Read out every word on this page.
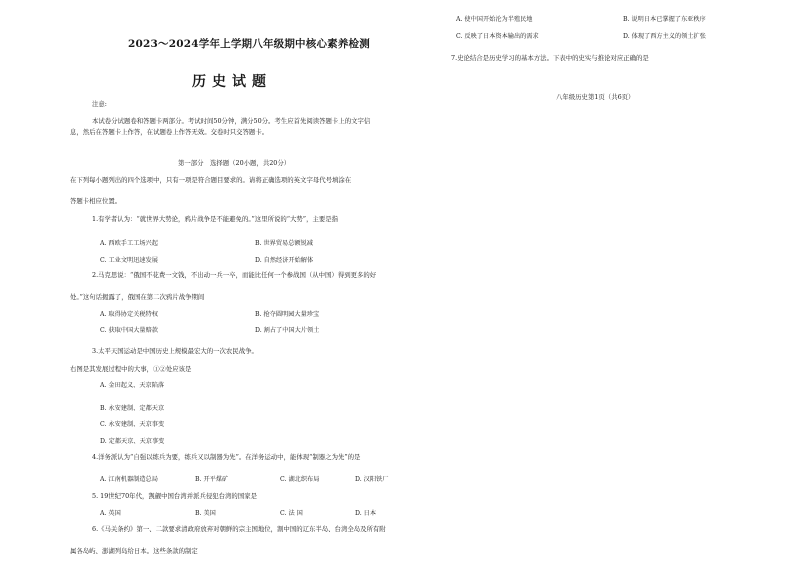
2023～2024学年上学期八年级期中核心素养检测
历史试题
注意:
本试卷分试题卷和答题卡两部分。考试时间50分钟，满分50分。考生应首先阅读答题卡上的文字信
息，然后在答题卡上作答，在试题卷上作答无效。交卷时只交答题卡。
第一部分　选择题（20小题，共20分）
在下列每小题列出的四个选项中，只有一项是符合题目要求的。请将正确选项的英文字母代号填涂在
答题卡相应位置。
1.有学者认为：“就世界大势论，鸦片战争是不能避免的。”这里所说的“大势”，主要是指
A. 西欧手工工场兴起	B. 世界贸易总额锐减
C. 工业文明迅速发展	D. 自然经济开始解体
2.马克思说：“俄国不花费一文钱，不出动一兵一卒，而能比任何一个参战国（从中国）得到更多的好
处。”这句话揭露了，俄国在第二次鸦片战争期间
A. 取得协定关税特权	B. 抢夺圆明园大量珍宝
C. 获取中国大量赔款	D. 割占了中国大片领土
3.太平天国运动是中国历史上规模最宏大的一次农民战争。
右图是其发展过程中的大事，①②处应该是
A. 金田起义、天京陷落
B. 永安建制、定都天京
C. 永安建制、天京事变
D. 定都天京、天京事变
4.洋务派认为“自强以练兵为要，练兵又以制器为先”。在洋务运动中，能体现“制器之为先”的是
A. 江南机器制造总局	B. 开平煤矿	C. 湖北织布局	D. 汉阳铁厂
5. 19世纪70年代，觊觎中国台湾并派兵侵犯台湾的国家是
A. 英国	B. 美国	C. 法 国	D. 日本
6.《马关条约》第一、二款要求清政府放弃对朝鲜的宗主国地位，割中国的辽东半岛、台湾全岛及所有附
属各岛屿、澎湖列岛给日本。这些条款的制定
A. 使中国开始沦为半殖民地	B. 说明日本已掌握了东亚秩序
C. 反映了日本资本输出的需求	D. 体现了西方主义的领土扩张
7.史论结合是历史学习的基本方法。下表中的史实与推论对应正确的是
八年级历史第1页（共6页）
